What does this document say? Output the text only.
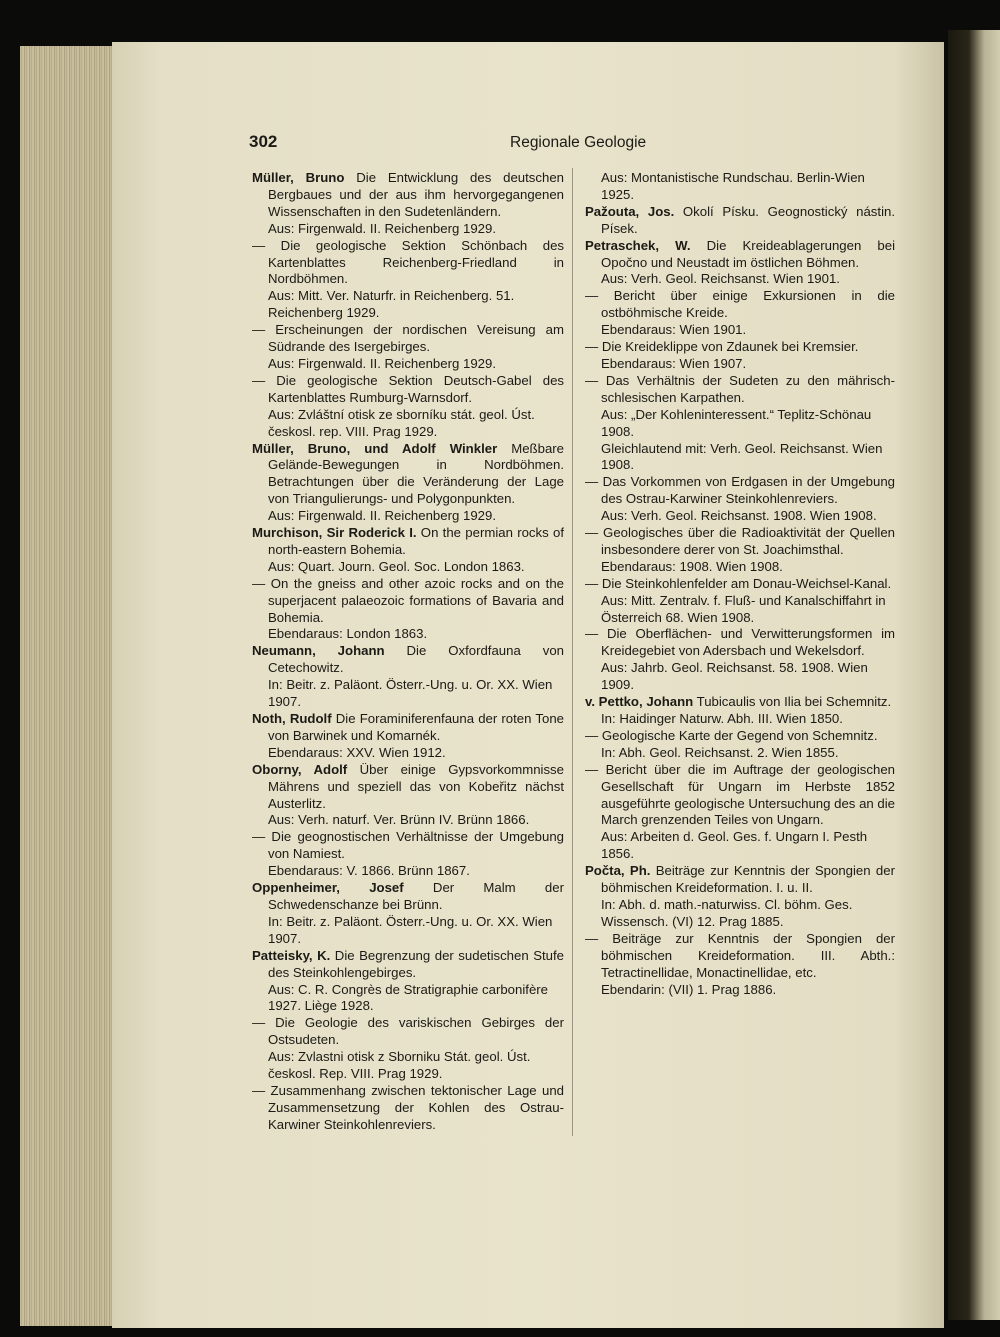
302	Regionale Geologie

Müller, Bruno Die Entwicklung des deutschen Bergbaues und der aus ihm hervorgegangenen Wissenschaften in den Sudetenländern.

Aus: Firgenwald. II. Reichenberg 1929.

— Die geologische Sektion Schönbach des Kartenblattes Reichenberg-Friedland in Nordböhmen.

Aus: Mitt. Ver. Naturfr. in Reichenberg. 51. Reichenberg 1929.

— Erscheinungen der nordischen Vereisung am Südrande des Isergebirges.

Aus: Firgenwald. II. Reichenberg 1929.

— Die geologische Sektion Deutsch-Gabel des Kartenblattes Rumburg-Warnsdorf.

Aus: Zvláštní otisk ze sborníku stát. geol. Úst. českosl. rep. VIII. Prag 1929.

Müller, Bruno, und Adolf Winkler Meßbare Gelände-Bewegungen in Nordböhmen. Betrachtungen über die Veränderung der Lage von Triangulierungs- und Polygonpunkten.

Aus: Firgenwald. II. Reichenberg 1929.

Murchison, Sir Roderick I. On the permian rocks of north-eastern Bohemia.

Aus: Quart. Journ. Geol. Soc. London 1863.

— On the gneiss and other azoic rocks and on the superjacent palaeozoic formations of Bavaria and Bohemia.

Ebendaraus: London 1863.

Neumann, Johann Die Oxfordfauna von Cetechowitz.

In: Beitr. z. Paläont. Österr.-Ung. u. Or. XX. Wien 1907.

Noth, Rudolf Die Foraminiferenfauna der roten Tone von Barwinek und Komarnék.

Ebendaraus: XXV. Wien 1912.

Oborny, Adolf Über einige Gypsvorkommnisse Mährens und speziell das von Kobeřitz nächst Austerlitz.

Aus: Verh. naturf. Ver. Brünn IV. Brünn 1866.

— Die geognostischen Verhältnisse der Umgebung von Namiest.

Ebendaraus: V. 1866. Brünn 1867.

Oppenheimer, Josef Der Malm der Schwedenschanze bei Brünn.

In: Beitr. z. Paläont. Österr.-Ung. u. Or. XX. Wien 1907.

Patteisky, K. Die Begrenzung der sudetischen Stufe des Steinkohlengebirges.

Aus: C. R. Congrès de Stratigraphie carbonifère 1927. Liège 1928.

— Die Geologie des variskischen Gebirges der Ostsudeten.

Aus: Zvlastni otisk z Sborniku Stát. geol. Úst. českosl. Rep. VIII. Prag 1929.

— Zusammenhang zwischen tektonischer Lage und Zusammensetzung der Kohlen des Ostrau-Karwiner Steinkohlenreviers.

Aus: Montanistische Rundschau. Berlin-Wien 1925.

Pažouta, Jos. Okolí Písku. Geognostický nástin. Písek.

Petraschek, W. Die Kreideablagerungen bei Opočno und Neustadt im östlichen Böhmen.

Aus: Verh. Geol. Reichsanst. Wien 1901.

— Bericht über einige Exkursionen in die ostböhmische Kreide.

Ebendaraus: Wien 1901.

— Die Kreideklippe von Zdaunek bei Kremsier.

Ebendaraus: Wien 1907.

— Das Verhältnis der Sudeten zu den mährisch-schlesischen Karpathen.

Aus: „Der Kohleninteressent.“ Teplitz-Schönau 1908.

Gleichlautend mit: Verh. Geol. Reichsanst. Wien 1908.

— Das Vorkommen von Erdgasen in der Umgebung des Ostrau-Karwiner Steinkohlenreviers.

Aus: Verh. Geol. Reichsanst. 1908. Wien 1908.

— Geologisches über die Radioaktivität der Quellen insbesondere derer von St. Joachimsthal.

Ebendaraus: 1908. Wien 1908.

— Die Steinkohlenfelder am Donau-Weichsel-Kanal.

Aus: Mitt. Zentralv. f. Fluß- und Kanalschiffahrt in Österreich 68. Wien 1908.

— Die Oberflächen- und Verwitterungsformen im Kreidegebiet von Adersbach und Wekelsdorf.

Aus: Jahrb. Geol. Reichsanst. 58. 1908. Wien 1909.

v. Pettko, Johann Tubicaulis von Ilia bei Schemnitz.

In: Haidinger Naturw. Abh. III. Wien 1850.

— Geologische Karte der Gegend von Schemnitz.

In: Abh. Geol. Reichsanst. 2. Wien 1855.

— Bericht über die im Auftrage der geologischen Gesellschaft für Ungarn im Herbste 1852 ausgeführte geologische Untersuchung des an die March grenzenden Teiles von Ungarn.

Aus: Arbeiten d. Geol. Ges. f. Ungarn I. Pesth 1856.

Počta, Ph. Beiträge zur Kenntnis der Spongien der böhmischen Kreideformation. I. u. II.

In: Abh. d. math.-naturwiss. Cl. böhm. Ges. Wissensch. (VI) 12. Prag 1885.

— Beiträge zur Kenntnis der Spongien der böhmischen Kreideformation. III. Abth.: Tetractinellidae, Monactinellidae, etc.

Ebendarin: (VII) 1. Prag 1886.
